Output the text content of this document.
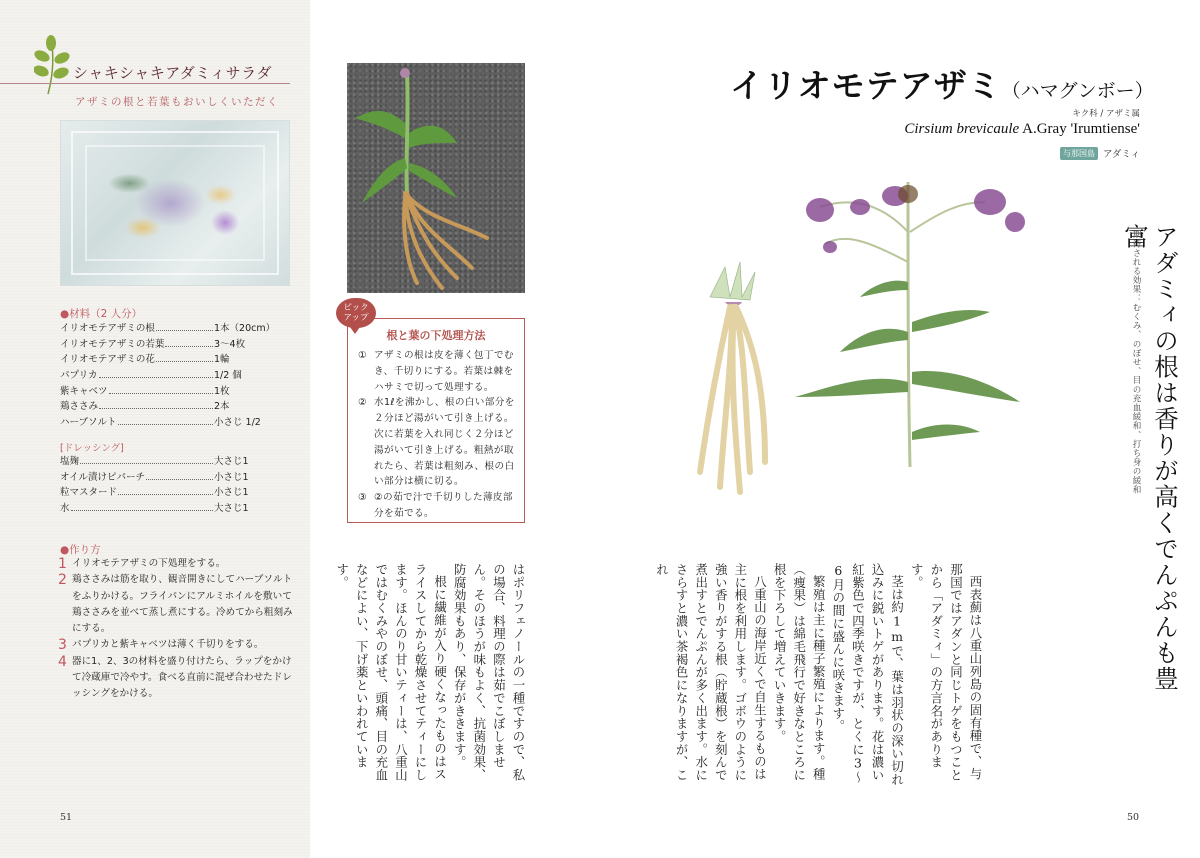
シャキシャキアダミィサラダ
アザミの根と若葉もおいしくいただく
●材料（2 人分）
イリオモテアザミの根	1本（20cm）
イリオモテアザミの若葉	3〜4枚
イリオモテアザミの花	1輪
パプリカ	1/2 個
紫キャベツ	1枚
鶏ささみ	2本
ハーブソルト	小さじ 1/2
[ドレッシング]
塩麹	大さじ1
オイル漬けピパーチ	小さじ1
粒マスタード	小さじ1
水	大さじ1
●作り方
1 イリオモテアザミの下処理をする。
2 鶏ささみは筋を取り、観音開きにしてハーブソルトをふりかける。フライパンにアルミホイルを敷いて鶏ささみを並べて蒸し煮にする。冷めてから粗刻みにする。
3 パプリカと紫キャベツは薄く千切りをする。
4 器に1、2、3の材料を盛り付けたら、ラップをかけて冷蔵庫で冷やす。食べる直前に混ぜ合わせたドレッシングをかける。
51
ピック
アップ
根と葉の下処理方法
① アザミの根は皮を薄く包丁でむき、千切りにする。若葉は棘をハサミで切って処理する。
② 水1ℓを沸かし、根の白い部分を２分ほど湯がいて引き上げる。次に若葉を入れ同じく２分ほど湯がいて引き上げる。粗熱が取れたら、若葉は粗刻み、根の白い部分は横に切る。
③ ②の茹で汁で千切りした薄皮部分を茹でる。
イリオモテアザミ（ハマグンボー）
キク科 / アザミ属
Cirsium brevicaule A.Gray 'Irumtiense'
与那国島 アダミィ
アダミィの根は香りが高くでんぷんも豊富
期待される効果：むくみ、のぼせ、目の充血緩和、打ち身の緩和

西表薊は八重山列島の固有種で、与那国ではアダンと同じトゲをもつことから「アダミィ」の方言名があります。

茎は約1mで、葉は羽状の深い切れ込みに鋭いトゲがあります。花は濃い紅紫色で四季咲きですが、とくに3〜6月の間に盛んに咲きます。

繁殖は主に種子繁殖によります。種（痩果）は綿毛飛行で好きなところに根を下ろして増えていきます。

八重山の海岸近くで自生するものは主に根を利用します。ゴボウのように強い香りがする根（貯蔵根）を刻んで煮出すとでんぷんが多く出ます。水にさらすと濃い茶褐色になりますが、これ

はポリフェノールの一種ですので、私の場合、料理の際は茹でこぼしません。そのほうが味もよく、抗菌効果、防腐効果もあり、保存がききます。

根に繊維が入り硬くなったものはスライスしてから乾燥させてティーにします。ほんのり甘いティーは、八重山ではむくみやのぼせ、頭痛、目の充血などによい、下げ薬といわれています。

50
